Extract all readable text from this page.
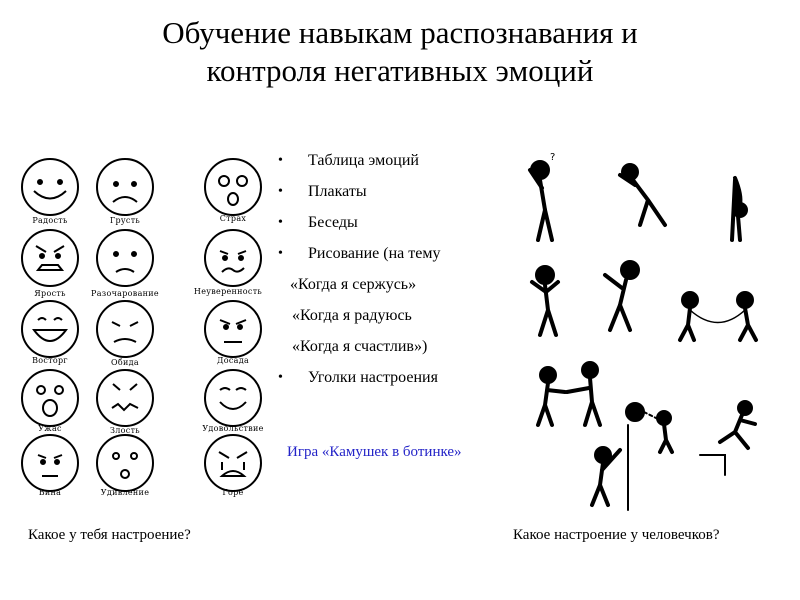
Обучение навыкам распознавания и
контроля негативных эмоций
Радость	Грусть	Страх
Ярость	Разочарование	Неуверенность
Восторг	Обида	Досада
Ужас	Злость	Удовольствие
Вина	Удивление	Горе
• Таблица эмоций
• Плакаты
• Беседы
• Рисование (на тему
«Когда я сержусь»
«Когда я радуюсь
«Когда я счастлив»)
• Уголки настроения
Игра «Камушек в ботинке»
?
Какое у тебя настроение?	Какое настроение у человечков?
